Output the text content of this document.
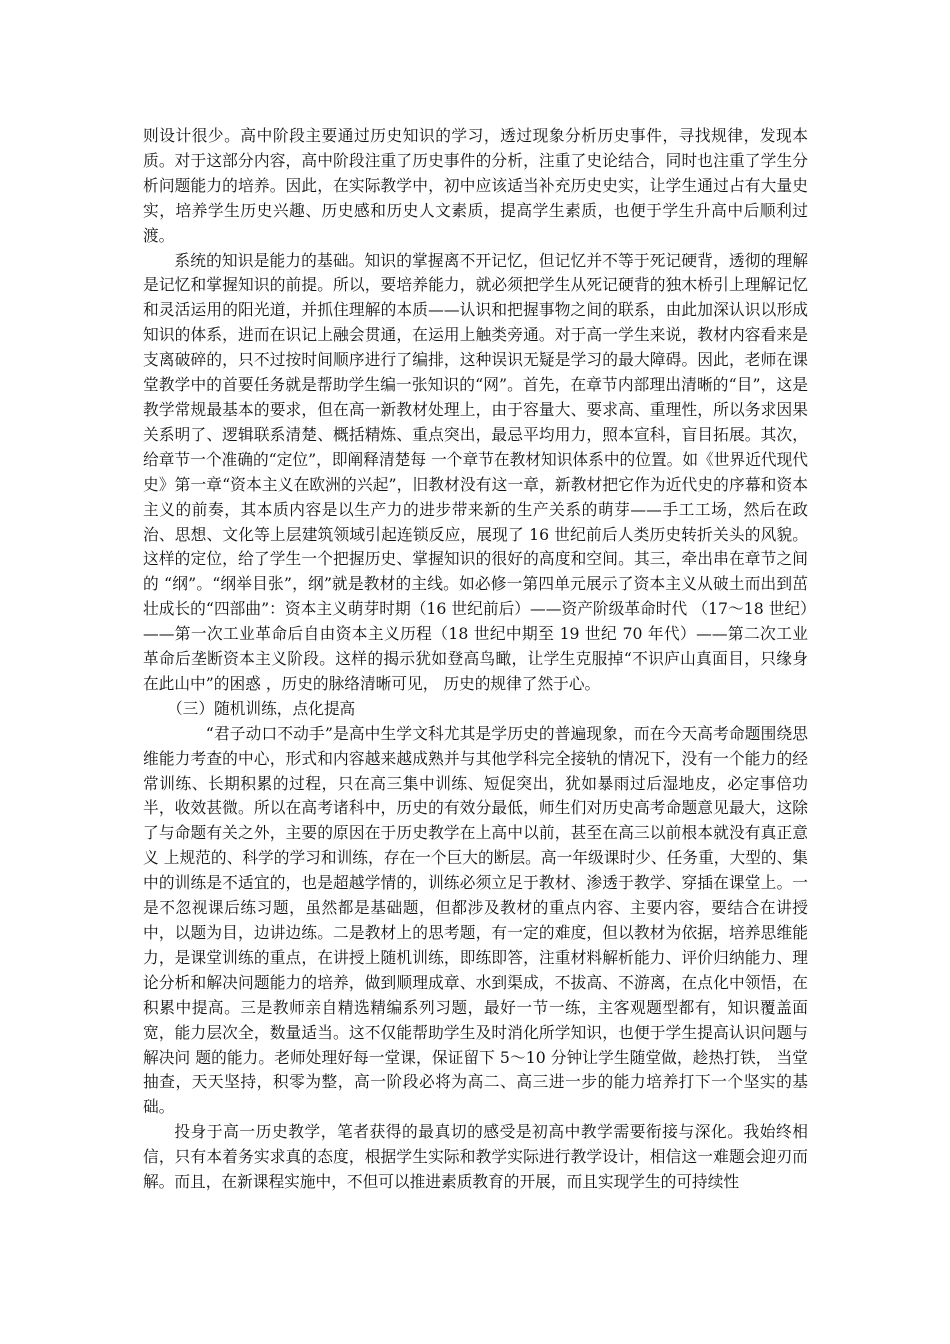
则设计很少。高中阶段主要通过历史知识的学习，透过现象分析历史事件，寻找规律，发现本质。对于这部分内容，高中阶段注重了历史事件的分析，注重了史论结合，同时也注重了学生分析问题能力的培养。因此，在实际教学中，初中应该适当补充历史史实，让学生通过占有大量史实，培养学生历史兴趣、历史感和历史人文素质，提高学生素质，也便于学生升高中后顺利过渡。

系统的知识是能力的基础。知识的掌握离不开记忆，但记忆并不等于死记硬背，透彻的理解是记忆和掌握知识的前提。所以，要培养能力，就必须把学生从死记硬背的独木桥引上理解记忆和灵活运用的阳光道，并抓住理解的本质——认识和把握事物之间的联系，由此加深认识以形成知识的体系，进而在识记上融会贯通，在运用上触类旁通。对于高一学生来说，教材内容看来是支离破碎的，只不过按时间顺序进行了编排，这种误识无疑是学习的最大障碍。因此，老师在课堂教学中的首要任务就是帮助学生编一张知识的“网”。首先，在章节内部理出清晰的“目”，这是教学常规最基本的要求，但在高一新教材处理上，由于容量大、要求高、重理性，所以务求因果关系明了、逻辑联系清楚、概括精炼、重点突出，最忌平均用力，照本宣科，盲目拓展。其次，给章节一个准确的“定位”，即阐释清楚每 一个章节在教材知识体系中的位置。如《世界近代现代史》第一章“资本主义在欧洲的兴起”，旧教材没有这一章，新教材把它作为近代史的序幕和资本主义的前奏，其本质内容是以生产力的进步带来新的生产关系的萌芽——手工工场，然后在政治、思想、文化等上层建筑领域引起连锁反应，展现了 16 世纪前后人类历史转折关头的风貌。这样的定位，给了学生一个把握历史、掌握知识的很好的高度和空间。其三，牵出串在章节之间的 “纲”。“纲举目张”，纲”就是教材的主线。如必修一第四单元展示了资本主义从破土而出到茁壮成长的“四部曲”：资本主义萌芽时期（16 世纪前后）——资产阶级革命时代 （17～18 世纪）——第一次工业革命后自由资本主义历程（18 世纪中期至 19 世纪 70 年代）——第二次工业革命后垄断资本主义阶段。这样的揭示犹如登高鸟瞰，让学生克服掉“不识庐山真面目，只缘身在此山中”的困惑 ，历史的脉络清晰可见， 历史的规律了然于心。

（三）随机训练，点化提高

“君子动口不动手”是高中生学文科尤其是学历史的普遍现象，而在今天高考命题围绕思维能力考查的中心，形式和内容越来越成熟并与其他学科完全接轨的情况下，没有一个能力的经常训练、长期积累的过程，只在高三集中训练、短促突出，犹如暴雨过后湿地皮，必定事倍功半，收效甚微。所以在高考诸科中，历史的有效分最低，师生们对历史高考命题意见最大，这除了与命题有关之外，主要的原因在于历史教学在上高中以前，甚至在高三以前根本就没有真正意义 上规范的、科学的学习和训练，存在一个巨大的断层。高一年级课时少、任务重，大型的、集中的训练是不适宜的，也是超越学情的，训练必须立足于教材、渗透于教学、穿插在课堂上。一是不忽视课后练习题，虽然都是基础题，但都涉及教材的重点内容、主要内容，要结合在讲授中，以题为目，边讲边练。二是教材上的思考题，有一定的难度，但以教材为依据，培养思维能力，是课堂训练的重点，在讲授上随机训练，即练即答，注重材料解析能力、评价归纳能力、理论分析和解决问题能力的培养，做到顺理成章、水到渠成，不拔高、不游离，在点化中领悟，在积累中提高。三是教师亲自精选精编系列习题，最好一节一练，主客观题型都有，知识覆盖面宽，能力层次全，数量适当。这不仅能帮助学生及时消化所学知识，也便于学生提高认识问题与解决问 题的能力。老师处理好每一堂课，保证留下 5～10 分钟让学生随堂做，趁热打铁， 当堂抽查，天天坚持，积零为整，高一阶段必将为高二、高三进一步的能力培养打下一个坚实的基础。

投身于高一历史教学，笔者获得的最真切的感受是初高中教学需要衔接与深化。我始终相信，只有本着务实求真的态度，根据学生实际和教学实际进行教学设计，相信这一难题会迎刃而解。而且，在新课程实施中，不但可以推进素质教育的开展，而且实现学生的可持续性
